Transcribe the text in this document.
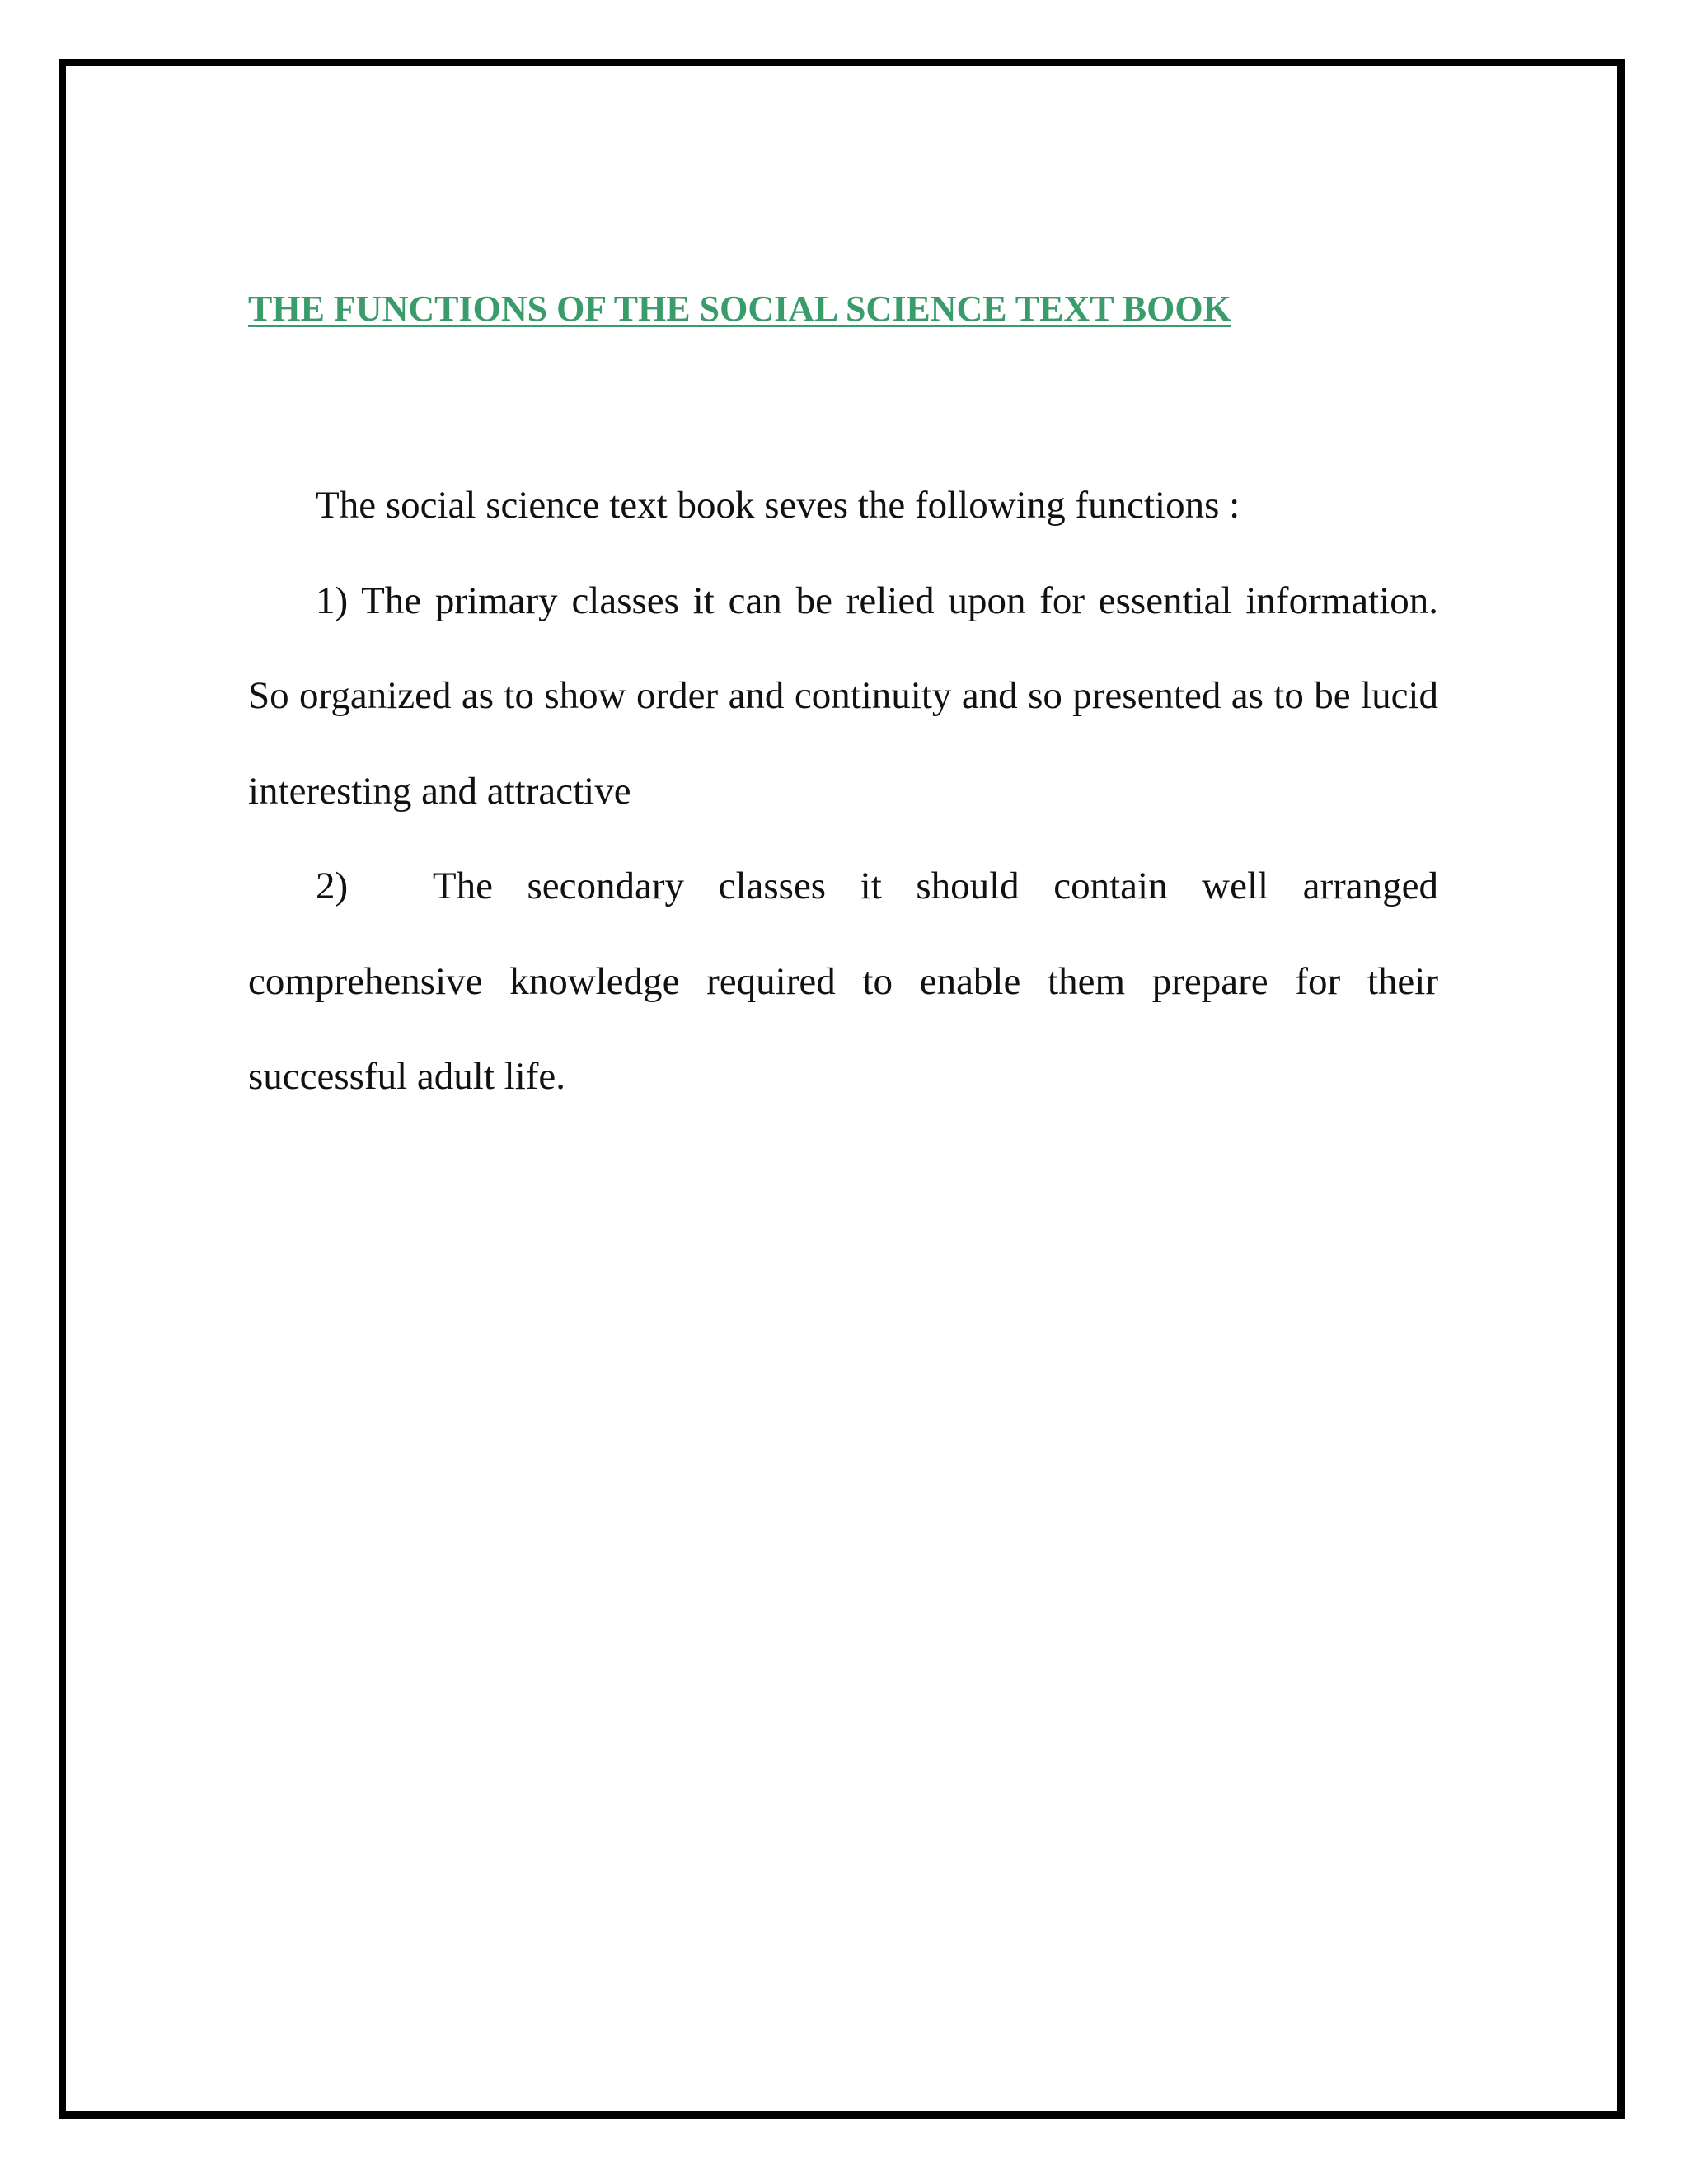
THE FUNCTIONS OF THE SOCIAL SCIENCE TEXT BOOK

The social science text book seves the following functions :

1) The primary classes it can be relied upon for essential information. So organized as to show order and continuity and so presented as to be lucid interesting and attractive

2) The secondary classes it should contain well arranged comprehensive knowledge required to enable them prepare for their successful adult life.
